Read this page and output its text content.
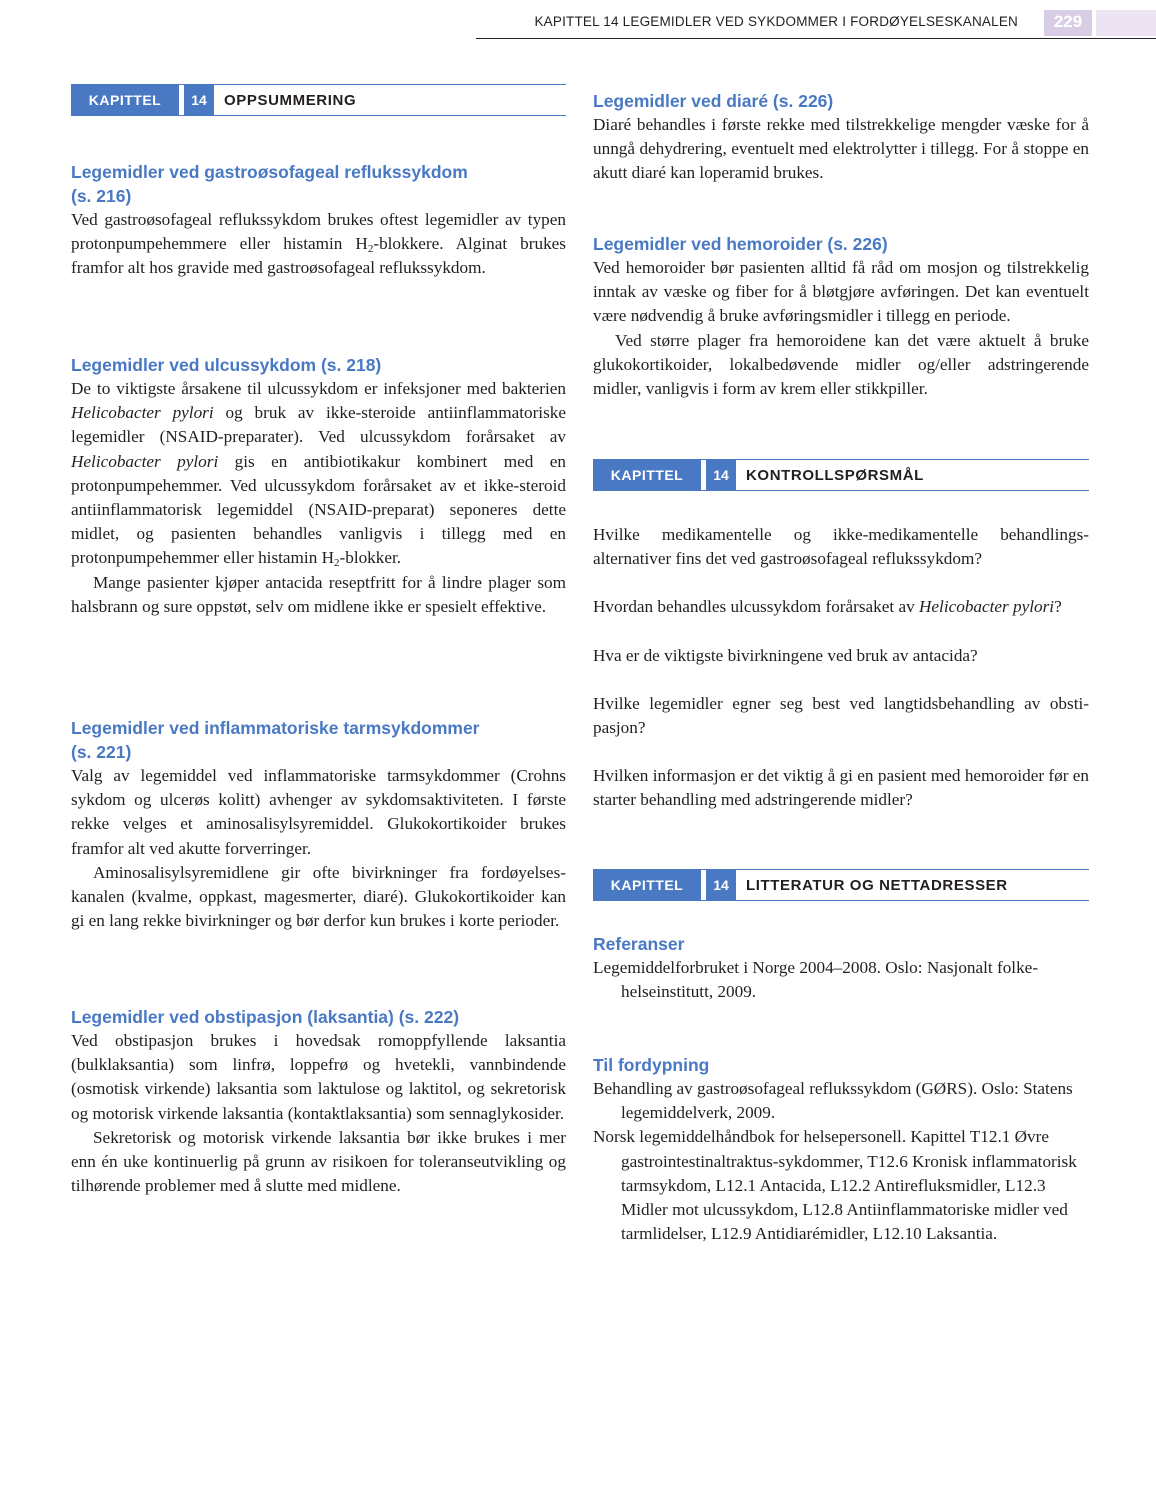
KAPITTEL 14 LEGEMIDLER VED SYKDOMMER I FORDØYELSESKANALEN	229
KAPITTEL	14	OPPSUMMERING
Legemidler ved gastroøsofageal reflukssykdom
(s. 216)

Ved gastroøsofageal reflukssykdom brukes oftest legemidler av typen protonpumpehemmere eller histamin $H_2$-blokkere. Alginat brukes framfor alt hos gravide med gastroøsofageal reflukssykdom.

Legemidler ved ulcussykdom (s. 218)

De to viktigste årsakene til ulcussykdom er infeksjoner med bakterien Helicobacter pylori og bruk av ikke-steroide antiinflammatoriske legemidler (NSAID-preparater). Ved ulcussykdom forårsaket av Helicobacter pylori gis en antibiotikakur kombinert med en protonpumpehemmer. Ved ulcussykdom forårsaket av et ikke-steroid antiinflammatorisk legemiddel (NSAID-preparat) seponeres dette midlet, og pasienten behandles vanligvis i tillegg med en protonpumpehemmer eller histamin $H_2$-blokker.

Mange pasienter kjøper antacida reseptfritt for å lindre plager som halsbrann og sure oppstøt, selv om midlene ikke er spesielt effektive.

Legemidler ved inflammatoriske tarmsykdommer
(s. 221)

Valg av legemiddel ved inflammatoriske tarmsykdommer (Crohns sykdom og ulcerøs kolitt) avhenger av sykdomsaktiviteten. I første rekke velges et aminosalisylsyremiddel. Glukokortikoider brukes framfor alt ved akutte forverringer.

Aminosalisylsyremidlene gir ofte bivirkninger fra fordøyelseskanalen (kvalme, oppkast, magesmerter, diaré). Glukokortikoider kan gi en lang rekke bivirkninger og bør derfor kun brukes i korte perioder.

Legemidler ved obstipasjon (laksantia) (s. 222)

Ved obstipasjon brukes i hovedsak romoppfyllende laksantia (bulklaksantia) som linfrø, loppefrø og hvetekli, vannbindende (osmotisk virkende) laksantia som laktulose og laktitol, og sekretorisk og motorisk virkende laksantia (kontaktlaksantia) som sennaglykosider.

Sekretorisk og motorisk virkende laksantia bør ikke brukes i mer enn én uke kontinuerlig på grunn av risikoen for toleranseutvikling og tilhørende problemer med å slutte med midlene.

Legemidler ved diaré (s. 226)

Diaré behandles i første rekke med tilstrekkelige mengder væske for å unngå dehydrering, eventuelt med elektrolytter i tillegg. For å stoppe en akutt diaré kan loperamid brukes.

Legemidler ved hemoroider (s. 226)

Ved hemoroider bør pasienten alltid få råd om mosjon og tilstrekkelig inntak av væske og fiber for å bløtgjøre avføringen. Det kan eventuelt være nødvendig å bruke avføringsmidler i tillegg en periode.

Ved større plager fra hemoroidene kan det være aktuelt å bruke glukokortikoider, lokalbedøvende midler og/eller adstringerende midler, vanligvis i form av krem eller stikkpiller.

KAPITTEL	14	KONTROLLSPØRSMÅL

Hvilke medikamentelle og ikke-medikamentelle behandlingsalternativer fins det ved gastroøsofageal reflukssykdom?

Hvordan behandles ulcussykdom forårsaket av Helicobacter pylori?

Hva er de viktigste bivirkningene ved bruk av antacida?

Hvilke legemidler egner seg best ved langtidsbehandling av obstipasjon?

Hvilken informasjon er det viktig å gi en pasient med hemoroider før en starter behandling med adstringerende midler?

KAPITTEL	14	LITTERATUR OG NETTADRESSER
Referanser

Legemiddelforbruket i Norge 2004–2008. Oslo: Nasjonalt folkehelseinstitutt, 2009.

Til fordypning

Behandling av gastroøsofageal reflukssykdom (GØRS). Oslo: Statens legemiddelverk, 2009.

Norsk legemiddelhåndbok for helsepersonell. Kapittel T12.1 Øvre gastrointestinaltraktus-sykdommer, T12.6 Kronisk inflammatorisk tarmsykdom, L12.1 Antacida, L12.2 Antirefluksmidler, L12.3 Midler mot ulcussykdom, L12.8 Antiinflammatoriske midler ved tarmlidelser, L12.9 Antidiarémidler, L12.10 Laksantia.
